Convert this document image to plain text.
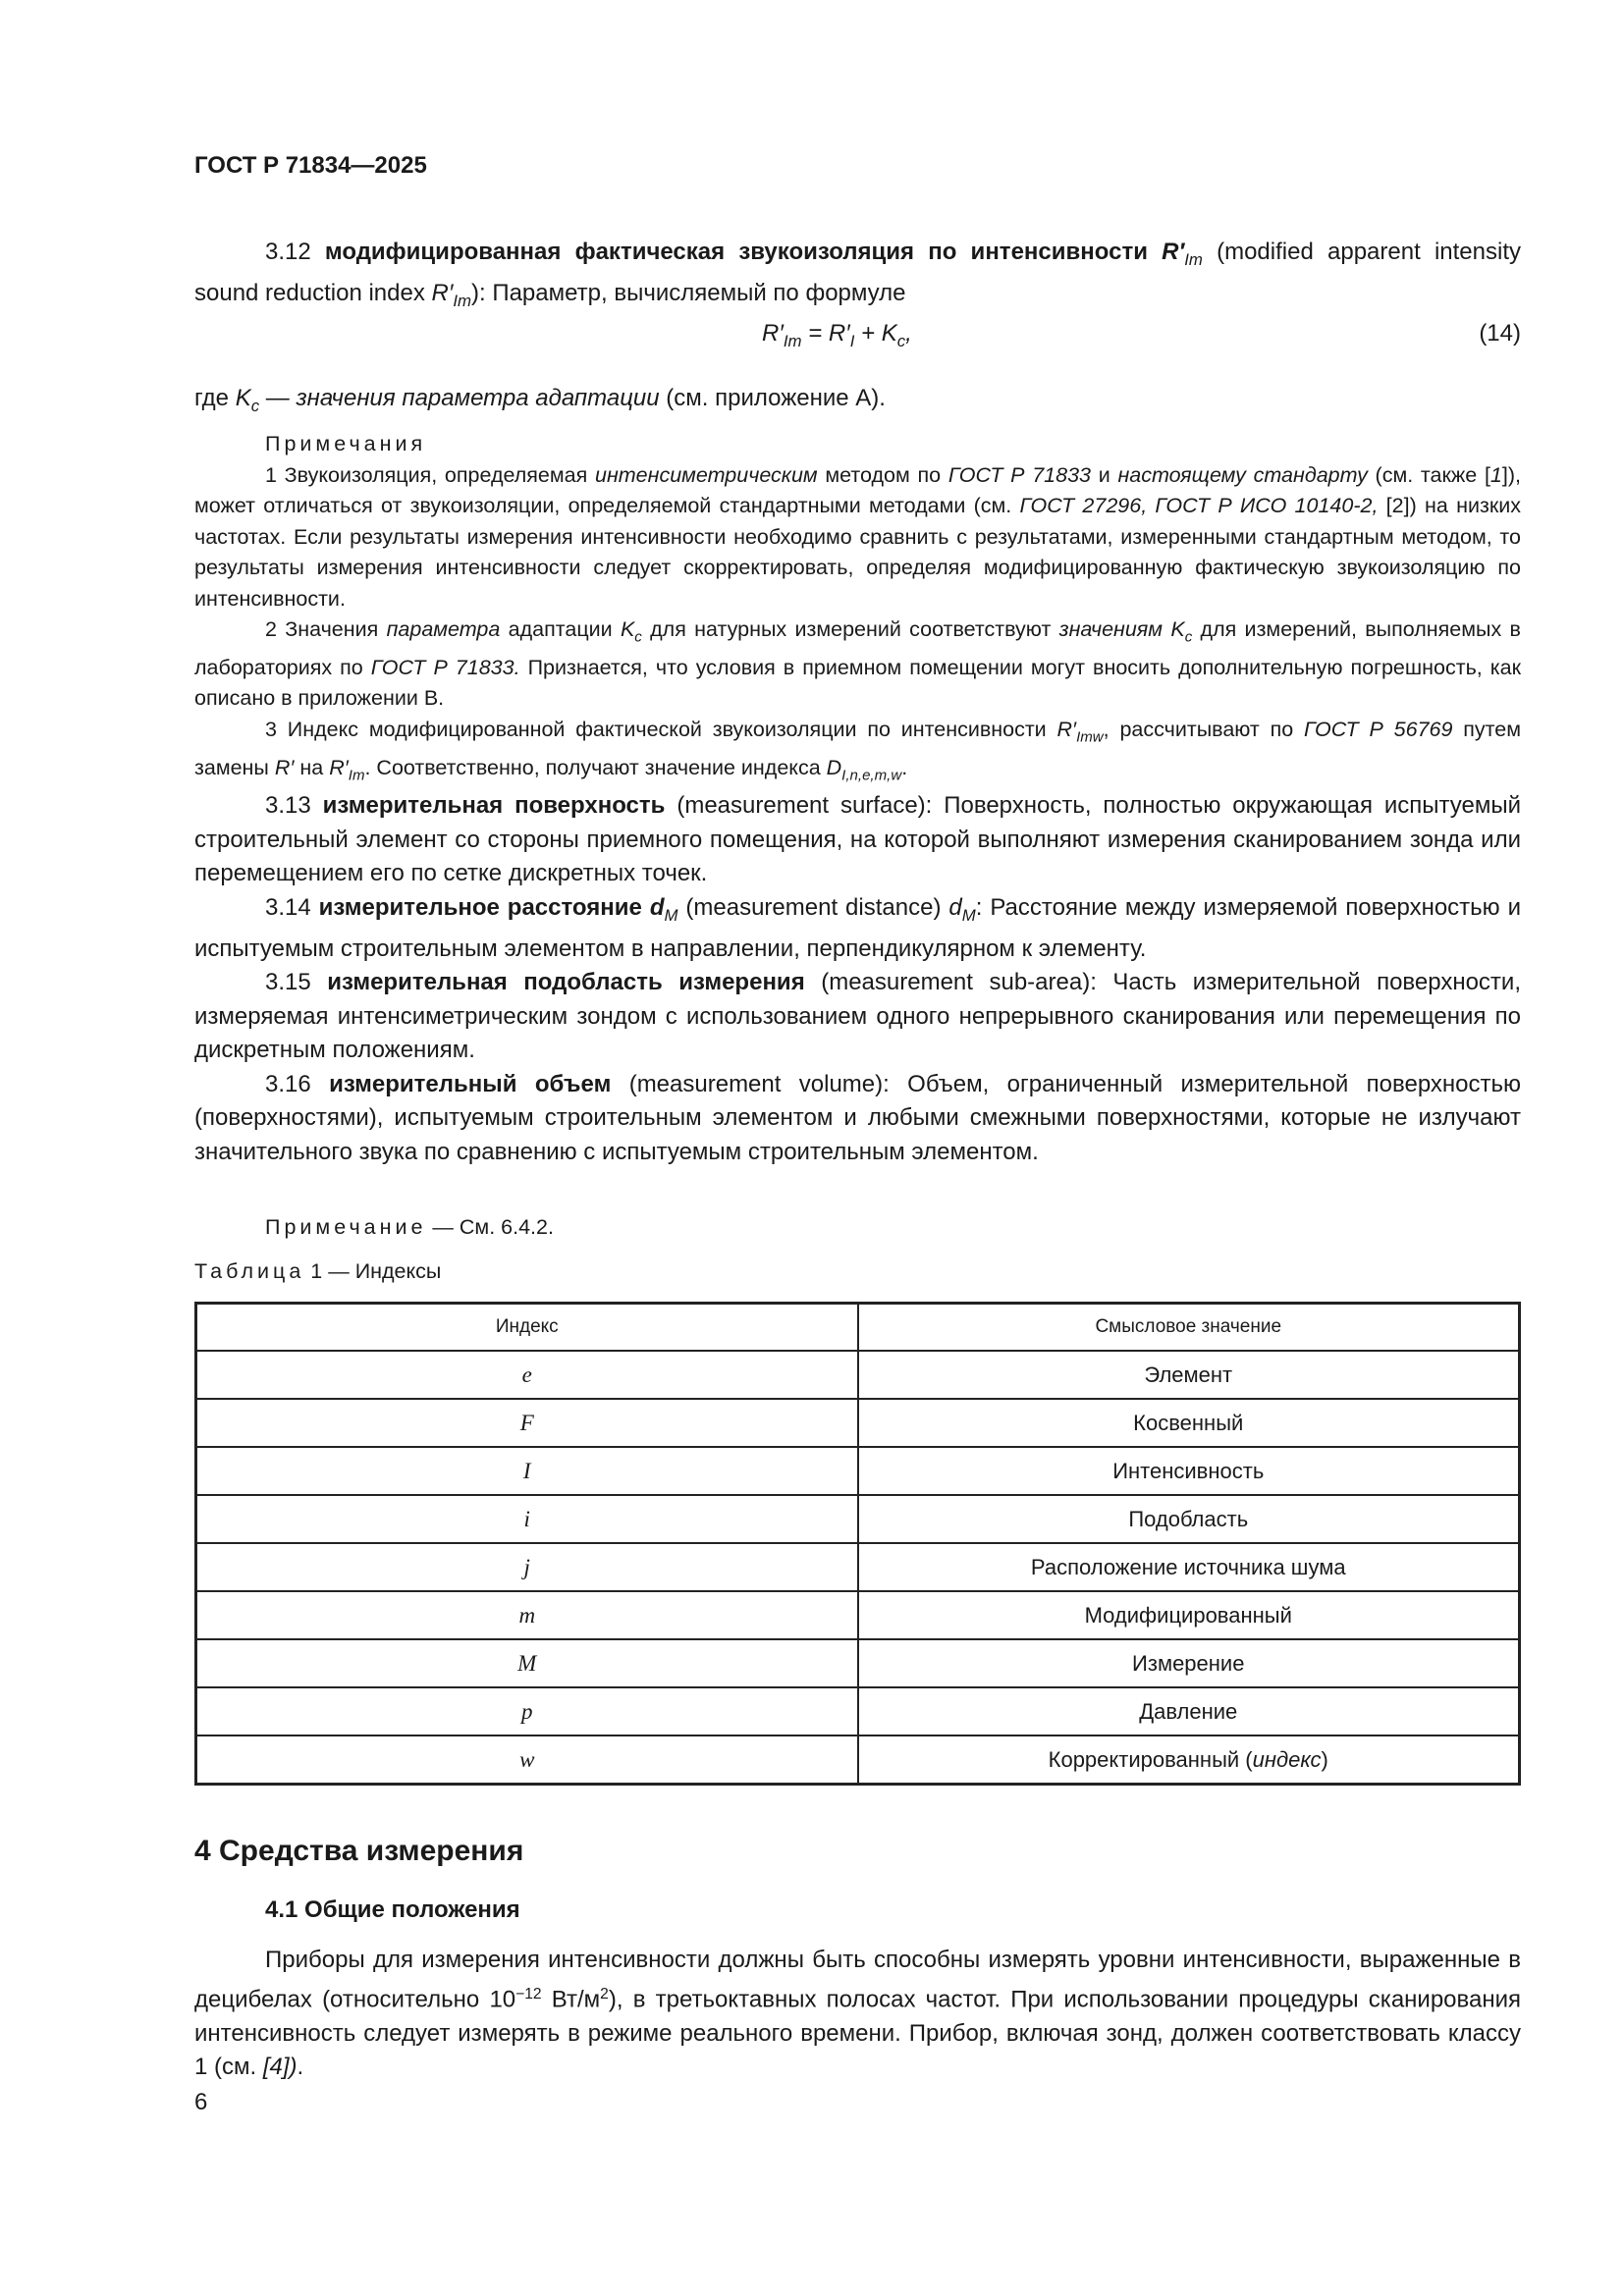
ГОСТ Р 71834—2025

3.12 модифицированная фактическая звукоизоляция по интенсивности $R'_{Im}$ (modified apparent intensity sound reduction index $R'_{Im}$): Параметр, вычисляемый по формуле

$R'_{Im} = R'_I + K_c$,	(14)

где $K_c$ — значения параметра адаптации (см. приложение А).

Примечания

1 Звукоизоляция, определяемая интенсиметрическим методом по ГОСТ Р 71833 и настоящему стандарту (см. также [1]), может отличаться от звукоизоляции, определяемой стандартными методами (см. ГОСТ 27296, ГОСТ Р ИСО 10140-2, [2]) на низких частотах. Если результаты измерения интенсивности необходимо сравнить с результатами, измеренными стандартным методом, то результаты измерения интенсивности следует скорректировать, определяя модифицированную фактическую звукоизоляцию по интенсивности.

2 Значения параметра адаптации $K_c$ для натурных измерений соответствуют значениям $K_c$ для измерений, выполняемых в лабораториях по ГОСТ Р 71833. Признается, что условия в приемном помещении могут вносить дополнительную погрешность, как описано в приложении В.

3 Индекс модифицированной фактической звукоизоляции по интенсивности $R'_{Imw}$, рассчитывают по ГОСТ Р 56769 путем замены R′ на $R'_{Im}$. Соответственно, получают значение индекса $D_{I,n,e,m,w}$.

3.13 измерительная поверхность (measurement surface): Поверхность, полностью окружающая испытуемый строительный элемент со стороны приемного помещения, на которой выполняют измерения сканированием зонда или перемещением его по сетке дискретных точек.

3.14 измерительное расстояние $d_M$ (measurement distance) $d_M$: Расстояние между измеряемой поверхностью и испытуемым строительным элементом в направлении, перпендикулярном к элементу.

3.15 измерительная подобласть измерения (measurement sub-area): Часть измерительной поверхности, измеряемая интенсиметрическим зондом с использованием одного непрерывного сканирования или перемещения по дискретным положениям.

3.16 измерительный объем (measurement volume): Объем, ограниченный измерительной поверхностью (поверхностями), испытуемым строительным элементом и любыми смежными поверхностями, которые не излучают значительного звука по сравнению с испытуемым строительным элементом.

Примечание — См. 6.4.2.

Таблица 1 — Индексы

Индекс	Смысловое значение
e	Элемент
F	Косвенный
I	Интенсивность
i	Подобласть
j	Расположение источника шума
m	Модифицированный
M	Измерение
p	Давление
w	Корректированный (индекс)
4 Средства измерения
4.1 Общие положения

Приборы для измерения интенсивности должны быть способны измерять уровни интенсивности, выраженные в децибелах (относительно $10^{-12}$ $Вт/м^2$), в третьоктавных полосах частот. При использовании процедуры сканирования интенсивность следует измерять в режиме реального времени. Прибор, включая зонд, должен соответствовать классу 1 (см. [4]).

6
